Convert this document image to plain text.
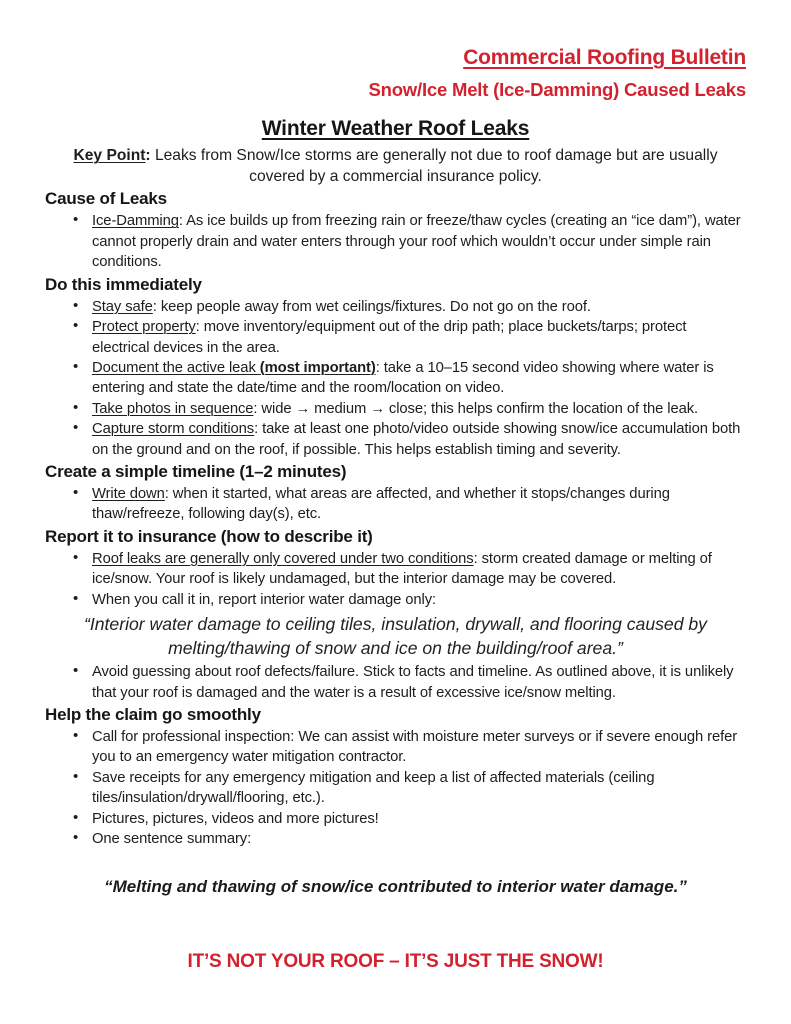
Commercial Roofing Bulletin
Snow/Ice Melt (Ice-Damming) Caused Leaks
Winter Weather Roof Leaks
Key Point: Leaks from Snow/Ice storms are generally not due to roof damage but are usually covered by a commercial insurance policy.
Cause of Leaks
• Ice-Damming: As ice builds up from freezing rain or freeze/thaw cycles (creating an “ice dam”), water cannot properly drain and water enters through your roof which wouldn’t occur under simple rain conditions.
Do this immediately
• Stay safe: keep people away from wet ceilings/fixtures. Do not go on the roof.
• Protect property: move inventory/equipment out of the drip path; place buckets/tarps; protect electrical devices in the area.
• Document the active leak (most important): take a 10–15 second video showing where water is entering and state the date/time and the room/location on video.
• Take photos in sequence: wide → medium → close; this helps confirm the location of the leak.
• Capture storm conditions: take at least one photo/video outside showing snow/ice accumulation both on the ground and on the roof, if possible. This helps establish timing and severity.
Create a simple timeline (1–2 minutes)
• Write down: when it started, what areas are affected, and whether it stops/changes during thaw/refreeze, following day(s), etc.
Report it to insurance (how to describe it)
• Roof leaks are generally only covered under two conditions: storm created damage or melting of ice/snow. Your roof is likely undamaged, but the interior damage may be covered.
• When you call it in, report interior water damage only:
“Interior water damage to ceiling tiles, insulation, drywall, and flooring caused by melting/thawing of snow and ice on the building/roof area.”
• Avoid guessing about roof defects/failure. Stick to facts and timeline. As outlined above, it is unlikely that your roof is damaged and the water is a result of excessive ice/snow melting.
Help the claim go smoothly
• Call for professional inspection: We can assist with moisture meter surveys or if severe enough refer you to an emergency water mitigation contractor.
• Save receipts for any emergency mitigation and keep a list of affected materials (ceiling tiles/insulation/drywall/flooring, etc.).
• Pictures, pictures, videos and more pictures!
• One sentence summary:
“Melting and thawing of snow/ice contributed to interior water damage.”
IT’S NOT YOUR ROOF – IT’S JUST THE SNOW!
